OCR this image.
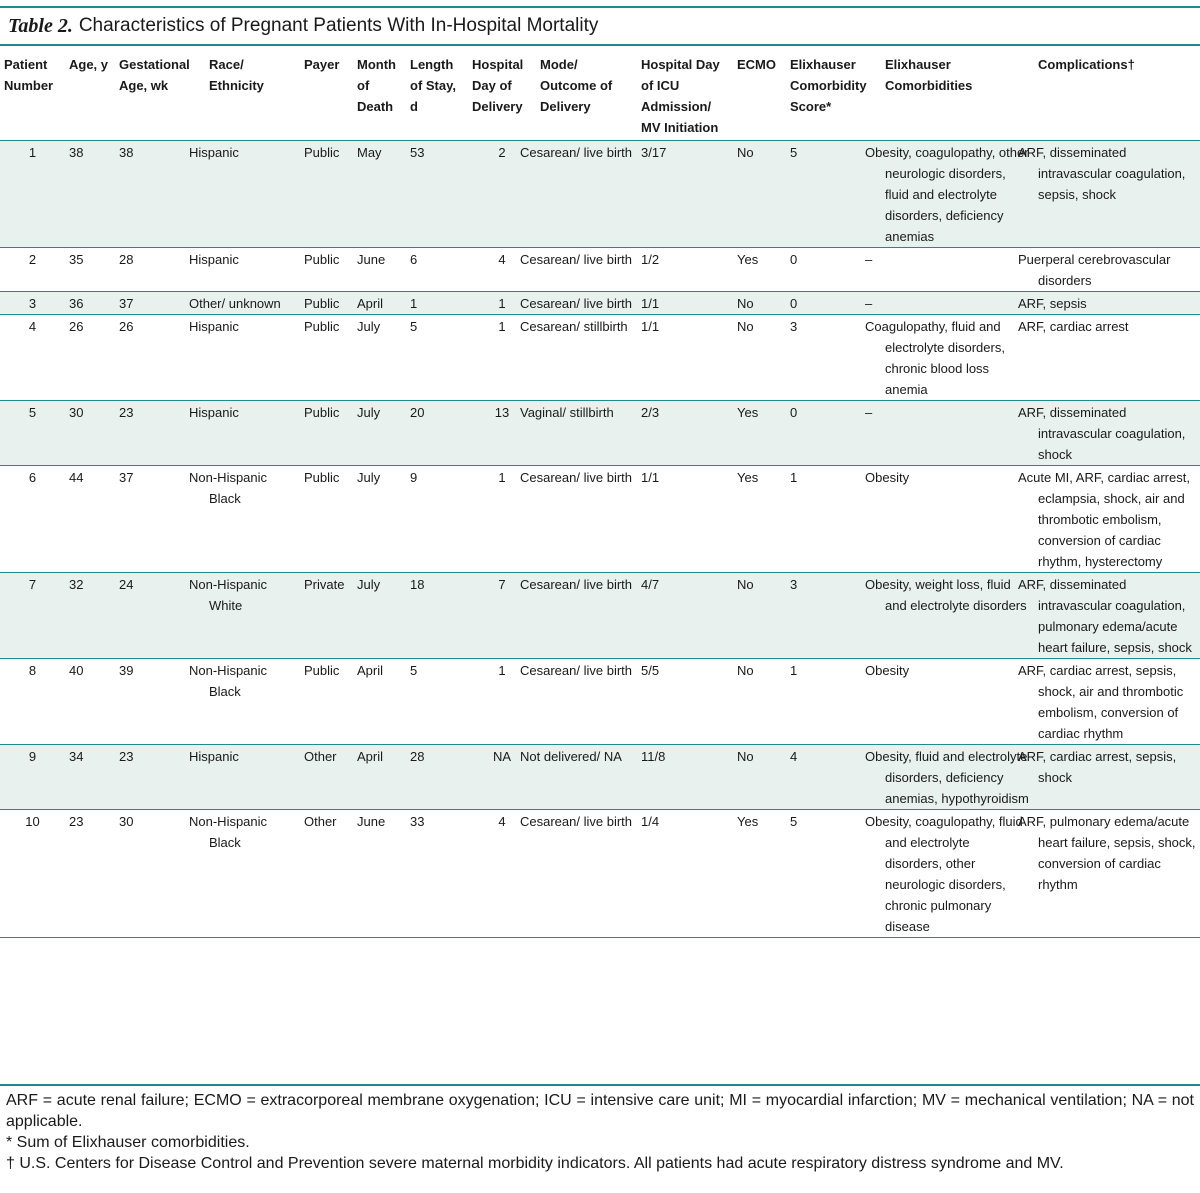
Table 2. Characteristics of Pregnant Patients With In-Hospital Mortality
Patient Number	Age, y	Gestational Age, wk	Race/ Ethnicity	Payer	Month of Death	Length of Stay, d	Hospital Day of Delivery	Mode/ Outcome of Delivery	Hospital Day of ICU Admission/ MV Initiation	ECMO	Elixhauser Comorbidity Score*	Elixhauser Comorbidities	Complications†
1	38	38	Hispanic	Public	May	53	2	Cesarean/ live birth	3/17	No	5	Obesity, coagulopathy, other neurologic disorders, fluid and electrolyte disorders, deficiency anemias	ARF, disseminated intravascular coagulation, sepsis, shock
2	35	28	Hispanic	Public	June	6	4	Cesarean/ live birth	1/2	Yes	0	–	Puerperal cerebrovascular disorders
3	36	37	Other/ unknown	Public	April	1	1	Cesarean/ live birth	1/1	No	0	–	ARF, sepsis
4	26	26	Hispanic	Public	July	5	1	Cesarean/ stillbirth	1/1	No	3	Coagulopathy, fluid and electrolyte disorders, chronic blood loss anemia	ARF, cardiac arrest
5	30	23	Hispanic	Public	July	20	13	Vaginal/ stillbirth	2/3	Yes	0	–	ARF, disseminated intravascular coagulation, shock
6	44	37	Non-Hispanic Black	Public	July	9	1	Cesarean/ live birth	1/1	Yes	1	Obesity	Acute MI, ARF, cardiac arrest, eclampsia, shock, air and thrombotic embolism, conversion of cardiac rhythm, hysterectomy
7	32	24	Non-Hispanic White	Private	July	18	7	Cesarean/ live birth	4/7	No	3	Obesity, weight loss, fluid and electrolyte disorders	ARF, disseminated intravascular coagulation, pulmonary edema/acute heart failure, sepsis, shock
8	40	39	Non-Hispanic Black	Public	April	5	1	Cesarean/ live birth	5/5	No	1	Obesity	ARF, cardiac arrest, sepsis, shock, air and thrombotic embolism, conversion of cardiac rhythm
9	34	23	Hispanic	Other	April	28	NA	Not delivered/ NA	11/8	No	4	Obesity, fluid and electrolyte disorders, deficiency anemias, hypothyroidism	ARF, cardiac arrest, sepsis, shock
10	23	30	Non-Hispanic Black	Other	June	33	4	Cesarean/ live birth	1/4	Yes	5	Obesity, coagulopathy, fluid and electrolyte disorders, other neurologic disorders, chronic pulmonary disease	ARF, pulmonary edema/acute heart failure, sepsis, shock, conversion of cardiac rhythm

ARF = acute renal failure; ECMO = extracorporeal membrane oxygenation; ICU = intensive care unit; MI = myocardial infarction; MV = mechanical ventilation; NA = not applicable.

* Sum of Elixhauser comorbidities.

† U.S. Centers for Disease Control and Prevention severe maternal morbidity indicators. All patients had acute respiratory distress syndrome and MV.
